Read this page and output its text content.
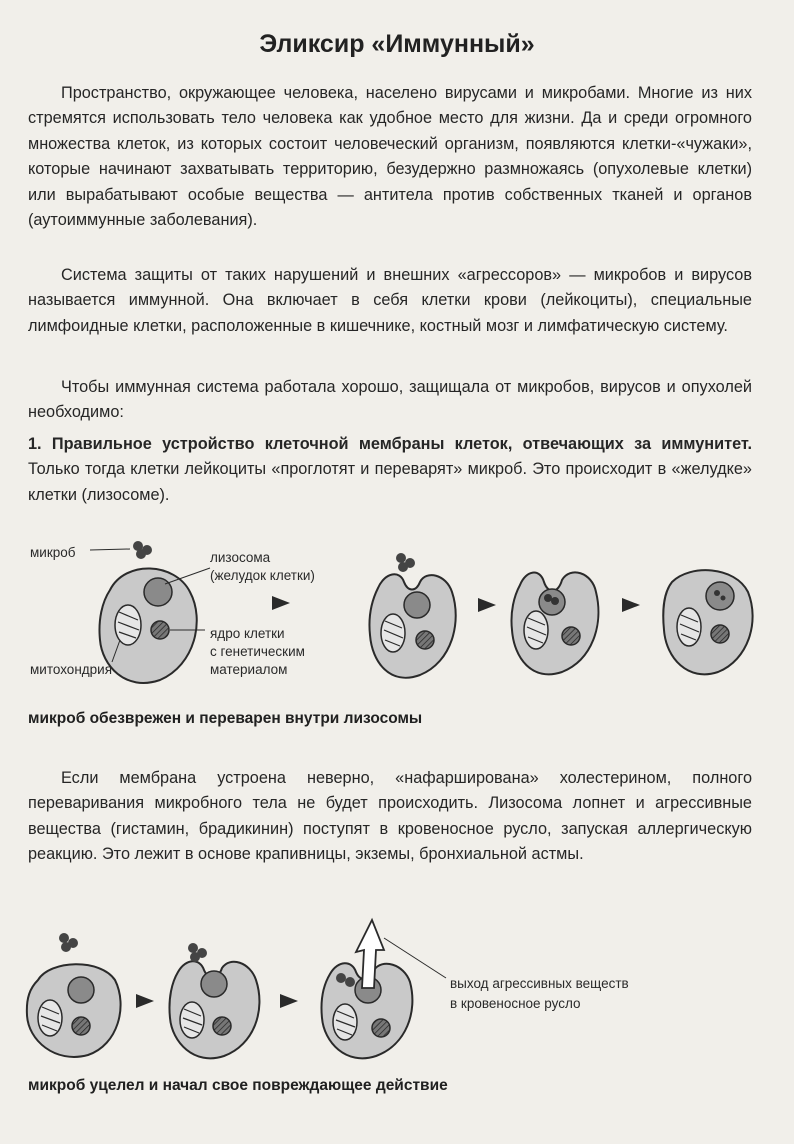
Эликсир «Иммунный»

Пространство, окружающее человека, населено вирусами и микробами. Многие из них стремятся использовать тело человека как удобное место для жизни. Да и среди огромного множества клеток, из которых состоит человеческий организм, появляются клетки-«чужаки», которые начинают захватывать территорию, безудержно размножаясь (опухолевые клетки) или вырабатывают особые вещества — антитела против собственных тканей и органов (аутоиммунные заболевания).

Система защиты от таких нарушений и внешних «агрессоров» — микробов и вирусов называется иммунной. Она включает в себя клетки крови (лейкоциты), специальные лимфоидные клетки, расположенные в кишечнике, костный мозг и лимфатическую систему.

Чтобы иммунная система работала хорошо, защищала от микробов, вирусов и опухолей необходимо:

1. Правильное устройство клеточной мембраны клеток, отвечающих за иммунитет. Только тогда клетки лейкоциты «проглотят и переварят» микроб. Это происходит в «желудке» клетки (лизосоме).

микроб	лизосома
(желудок клетки)
ядро клетки
с генетическим
материалом
митохондрия

микроб обезврежен и переварен внутри лизосомы

Если мембрана устроена неверно, «нафаршированa» холестерином, полного переваривания микробного тела не будет происходить. Лизосома лопнет и агрессивные вещества (гистамин, брадикинин) поступят в кровеносное русло, запуская аллергическую реакцию. Это лежит в основе крапивницы, экземы, бронхиальной астмы.

выход агрессивных веществ
в кровеносное русло

микроб уцелел и начал свое повреждающее действие
